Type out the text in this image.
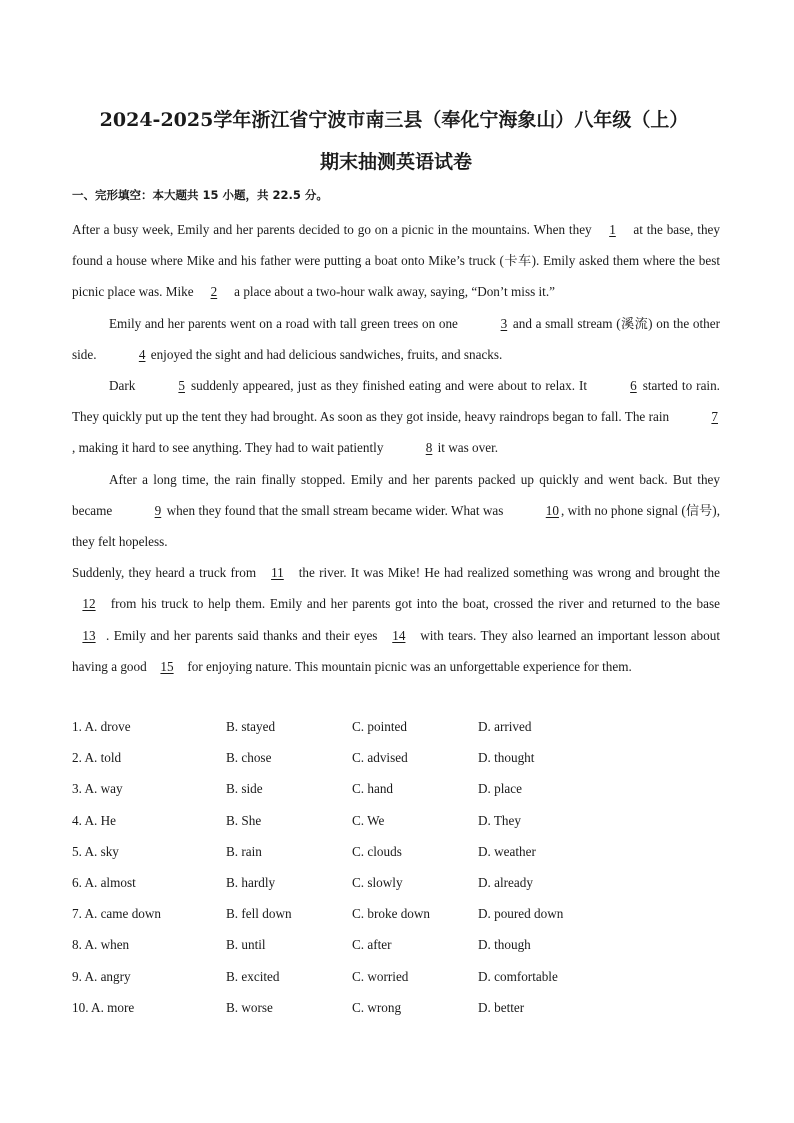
2024-2025学年浙江省宁波市南三县（奉化宁海象山）八年级（上）
期末抽测英语试卷
一、完形填空：本大题共 15 小题，共 22.5 分。

After a busy week, Emily and her parents decided to go on a picnic in the mountains. When they 1 at the base, they found a house where Mike and his father were putting a boat onto Mike’s truck (卡车). Emily asked them where the best picnic place was. Mike 2 a place about a two-hour walk away, saying, “Don’t miss it.”

Emily and her parents went on a road with tall green trees on one	3 and a small stream (溪流) on the other side.	4 enjoyed the sight and had delicious sandwiches, fruits, and snacks.

Dark	5 suddenly appeared, just as they finished eating and were about to relax. It	6 started to rain. They quickly put up the tent they had brought. As soon as they got inside, heavy raindrops began to fall. The rain	7, making it hard to see anything. They had to wait patiently	8 it was over.

After a long time, the rain finally stopped. Emily and her parents packed up quickly and went back. But they became	9 when they found that the small stream became wider. What was	10 , with no phone signal (信号), they felt hopeless.

Suddenly, they heard a truck from 11 the river. It was Mike! He had realized something was wrong and brought the 12 from his truck to help them. Emily and her parents got into the boat, crossed the river and returned to the base 13 . Emily and her parents said thanks and their eyes 14 with tears. They also learned an important lesson about having a good 15 for enjoying nature. This mountain picnic was an unforgettable experience for them.

1. A. drove	B. stayed	C. pointed	D. arrived
2. A. told	B. chose	C. advised	D. thought
3. A. way	B. side	C. hand	D. place
4. A. He	B. She	C. We	D. They
5. A. sky	B. rain	C. clouds	D. weather
6. A. almost	B. hardly	C. slowly	D. already
7. A. came down	B. fell down	C. broke down	D. poured down
8. A. when	B. until	C. after	D. though
9. A. angry	B. excited	C. worried	D. comfortable
10. A. more	B. worse	C. wrong	D. better
